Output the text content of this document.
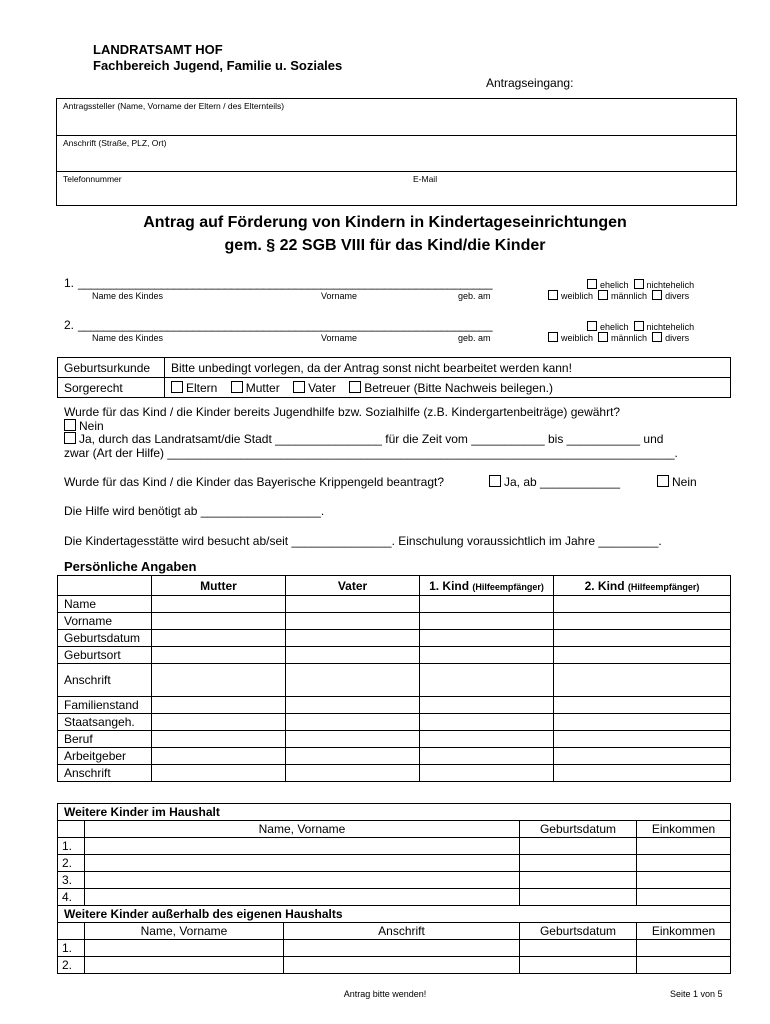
LANDRATSAMT HOF
Fachbereich Jugend, Familie u. Soziales
Antragseingang:
Antragssteller (Name, Vorname der Eltern / des Elternteils)
Anschrift (Straße, PLZ, Ort)
Telefonnummer	E-Mail
Antrag auf Förderung von Kindern in Kindertageseinrichtungen
gem. § 22 SGB VIII für das Kind/die Kinder
1. _________________________________________________________________	ehelich nichtehelich
Name des Kindes	Vorname	geb. am	weiblich männlich divers
2. _________________________________________________________________	ehelich nichtehelich
Name des Kindes	Vorname	geb. am	weiblich männlich divers
Geburtsurkunde	Bitte unbedingt vorlegen, da der Antrag sonst nicht bearbeitet werden kann!
Sorgerecht	Eltern Mutter Vater Betreuer (Bitte Nachweis beilegen.)
Wurde für das Kind / die Kinder bereits Jugendhilfe bzw. Sozialhilfe (z.B. Kindergartenbeiträge) gewährt?
Nein
Ja, durch das Landratsamt/die Stadt ________________ für die Zeit vom ___________ bis ___________ und
zwar (Art der Hilfe) ____________________________________________________________________________.
Wurde für das Kind / die Kinder das Bayerische Krippengeld beantragt?	Ja, ab ____________	Nein
Die Hilfe wird benötigt ab __________________.
Die Kindertagesstätte wird besucht ab/seit _______________. Einschulung voraussichtlich im Jahre _________.
Persönliche Angaben
	Mutter	Vater	1. Kind (Hilfeempfänger)	2. Kind (Hilfeempfänger)
Name				
Vorname				
Geburtsdatum				
Geburtsort				
Anschrift				
Familienstand				
Staatsangeh.				
Beruf				
Arbeitgeber				
Anschrift				
Weitere Kinder im Haushalt				
	Name, Vorname		Geburtsdatum	Einkommen
1.				
2.				
3.				
4.				
Weitere Kinder außerhalb des eigenen Haushalts				
	Name, Vorname	Anschrift	Geburtsdatum	Einkommen
1.				
2.				
Antrag bitte wenden!	Seite 1 von 5
